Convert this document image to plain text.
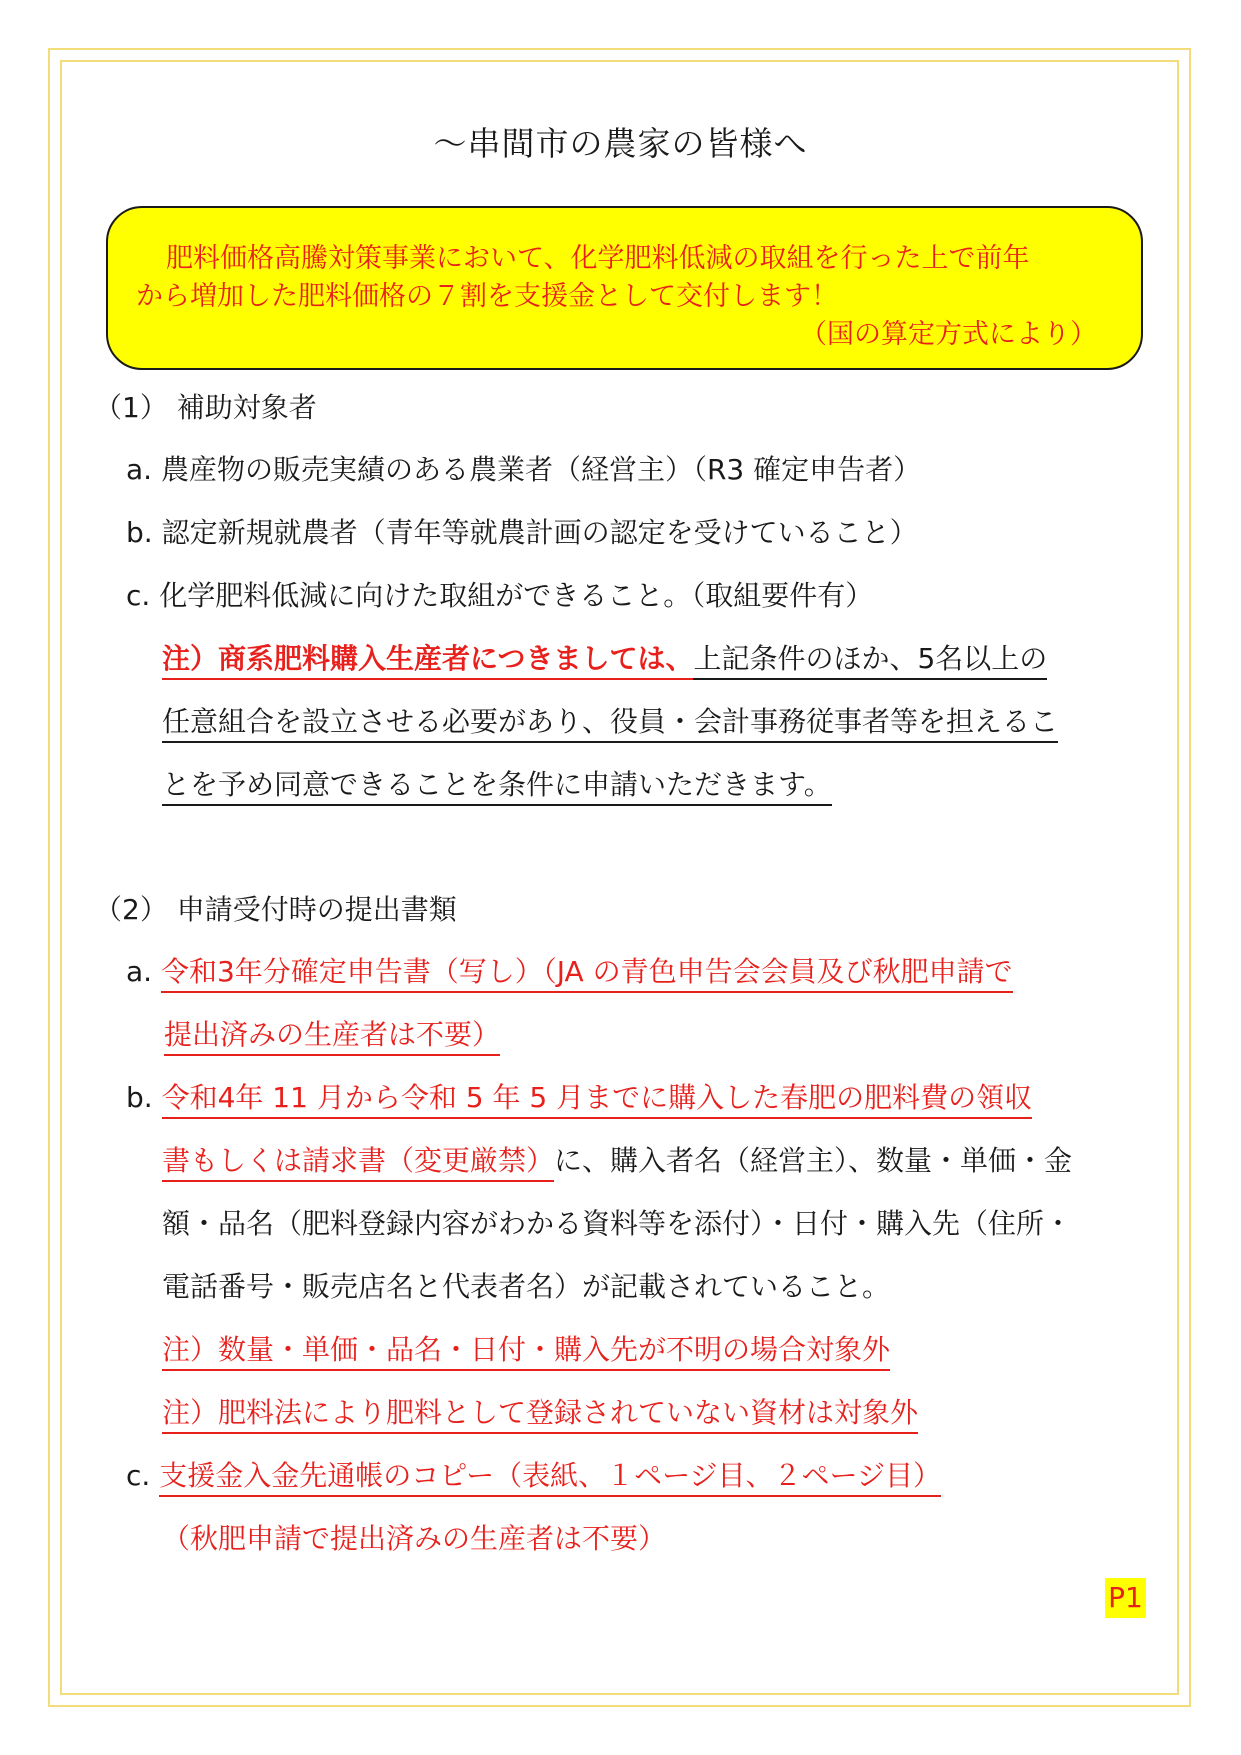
～串間市の農家の皆様へ
肥料価格高騰対策事業において、化学肥料低減の取組を行った上で前年
から増加した肥料価格の７割を支援金として交付します！
（国の算定方式により）
（1） 補助対象者
a. 農産物の販売実績のある農業者（経営主）（R3 確定申告者）
b. 認定新規就農者（青年等就農計画の認定を受けていること）
c. 化学肥料低減に向けた取組ができること。（取組要件有）
注）商系肥料購入生産者につきましては、上記条件のほか、5名以上の
任意組合を設立させる必要があり、役員・会計事務従事者等を担えるこ
とを予め同意できることを条件に申請いただきます。
（2） 申請受付時の提出書類
a. 令和3年分確定申告書（写し）（JA の青色申告会会員及び秋肥申請で
提出済みの生産者は不要）
b. 令和4年 11 月から令和 5 年 5 月までに購入した春肥の肥料費の領収
書もしくは請求書（変更厳禁）に、購入者名（経営主）、数量・単価・金
額・品名（肥料登録内容がわかる資料等を添付）・日付・購入先（住所・
電話番号・販売店名と代表者名）が記載されていること。
注）数量・単価・品名・日付・購入先が不明の場合対象外
注）肥料法により肥料として登録されていない資材は対象外
c. 支援金入金先通帳のコピー（表紙、１ページ目、２ページ目）
（秋肥申請で提出済みの生産者は不要）
P1
